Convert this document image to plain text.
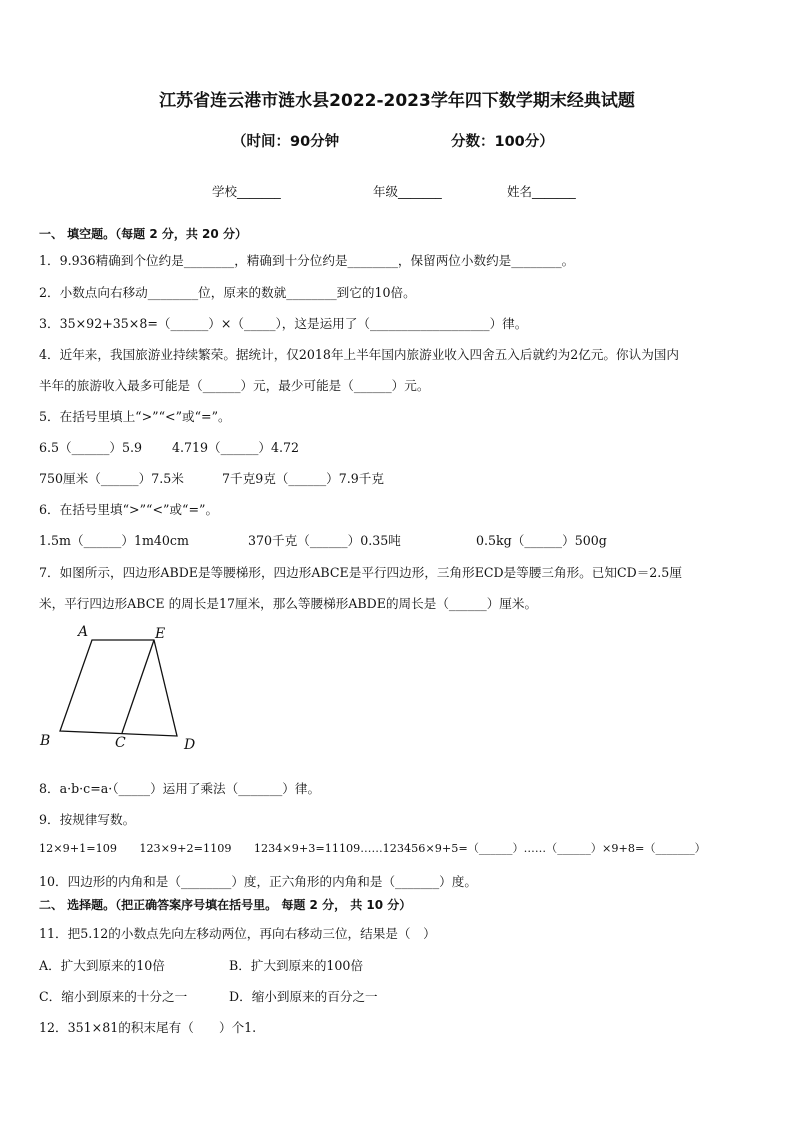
江苏省连云港市涟水县2022-2023学年四下数学期末经典试题
（时间：90分钟	分数：100分）
学校_______	年级_______	姓名_______
一、 填空题。（每题 2 分，共 20 分）
1．9.936精确到个位约是________，精确到十分位约是________，保留两位小数约是________。
2．小数点向右移动________位，原来的数就________到它的10倍。
3．35×92+35×8=（______）×（_____），这是运用了（___________________）律。
4．近年来，我国旅游业持续繁荣。据统计，仅2018年上半年国内旅游业收入四舍五入后就约为2亿元。你认为国内
半年的旅游收入最多可能是（______）元，最少可能是（______）元。
5．在括号里填上“>”“<”或“=”。
6.5（______）5.9 4.719（______）4.72
750厘米（______）7.5米	7千克9克（______）7.9千克
6．在括号里填“>”“<”或“=”。
1.5m（______）1m40cm	370千克（______）0.35吨	0.5kg（______）500g
7．如图所示，四边形ABDE是等腰梯形，四边形ABCE是平行四边形，三角形ECD是等腰三角形。已知CD＝2.5厘
米，平行四边形ABCE 的周长是17厘米，那么等腰梯形ABDE的周长是（______）厘米。
A	E
B	C	D
8．a·b·c=a·（_____）运用了乘法（_______）律。
9．按规律写数。
12×9+1=109　　123×9+2=1109　　1234×9+3=11109……123456×9+5=（______）……（______）×9+8=（_______）
10．四边形的内角和是（________）度，正六角形的内角和是（_______）度。
二、 选择题。（把正确答案序号填在括号里。 每题 2 分， 共 10 分）
11．把5.12的小数点先向左移动两位，再向右移动三位，结果是（　）
A．扩大到原来的10倍	B．扩大到原来的100倍
C．缩小到原来的十分之一	D．缩小到原来的百分之一
12．351×81的积末尾有（　　）个1.
